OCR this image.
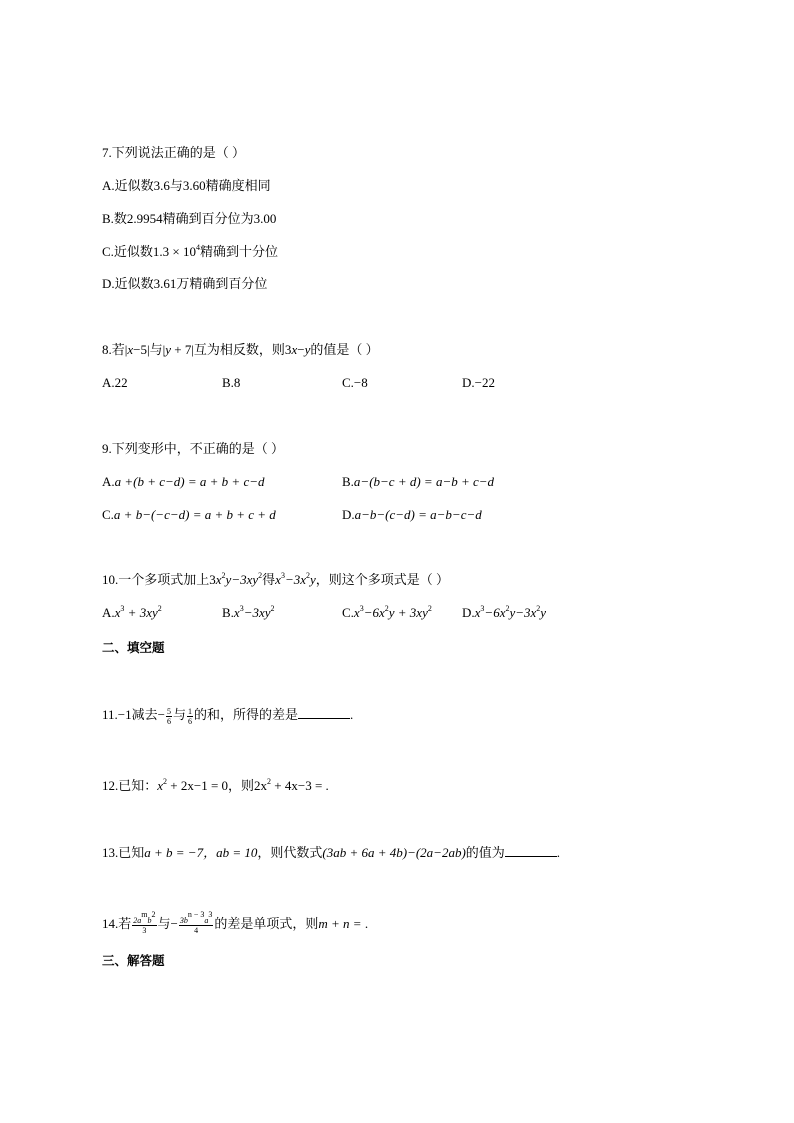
7.下列说法正确的是（ ）
A.近似数3.6与3.60精确度相同
B.数2.9954精确到百分位为3.00
C.近似数$1.3 \times 10^4$精确到十分位
D.近似数3.61万精确到百分位
8.若|x−5|与|y + 7|互为相反数，则3x−y的值是（ ）
A.22	B.8	C.−8	D.−22
9.下列变形中，不正确的是（ ）
A.a +(b + c−d) = a + b + c−d	B.a−(b−c + d) = a−b + c−d
C.a + b−(−c−d) = a + b + c + d	D.a−b−(c−d) = a−b−c−d
10.一个多项式加上$3x^2y-3xy^2$得$x^3-3x^2y$，则这个多项式是（ ）
$A.x^3 + 3xy^2$	$B.x^3-3xy^2$	$C.x^3-6x^2y + 3xy^2$ $D.x^3-6x^2y-3x^2y$
二、填空题
11.−1减去− $\frac{5}{6}$ 与 $\frac{1}{6}$ 的和，所得的差是	.
12.已知：$x^2 + 2x-1 = 0$，则$2x^2 + 4x-3$ = .
13.已知a + b = −7，ab = 10，则代数式(3ab + 6a + 4b)−(2a−2ab)的值为	.
14.若 $\frac{2a^mb^2}{3}$ 与− $\frac{3b^{n - 3}a^3}{4}$ 的差是单项式，则m + n = .
三、解答题
